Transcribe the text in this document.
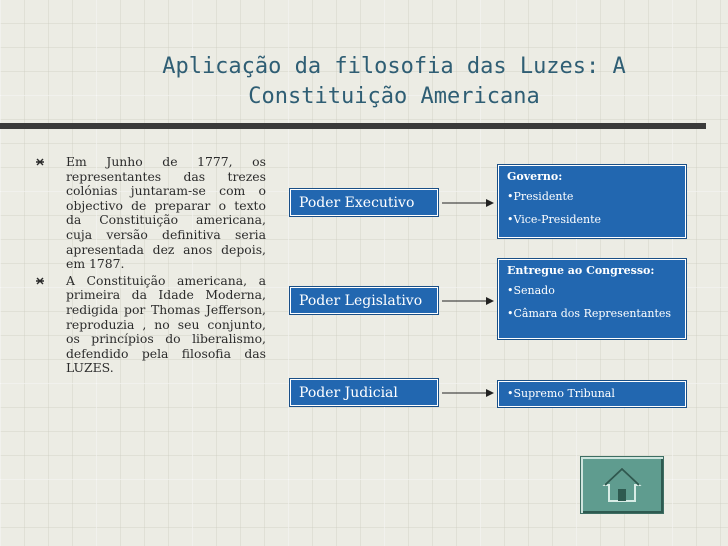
Aplicação da filosofia das Luzes: A Constituição Americana
Em Junho de 1777, os representantes das trezes colónias juntaram-se com o objectivo de preparar o texto da Constituição americana, cuja versão definitiva seria apresentada dez anos depois, em 1787.
A Constituição americana, a primeira da Idade Moderna, redigida por Thomas Jefferson, reproduzia , no seu conjunto, os princípios do liberalismo, defendido pela filosofia das LUZES.
Poder Executivo
Governo:
•Presidente
•Vice-Presidente
Poder Legislativo
Entregue ao Congresso:
•Senado
•Câmara dos Representantes
Poder Judicial	•Supremo Tribunal
